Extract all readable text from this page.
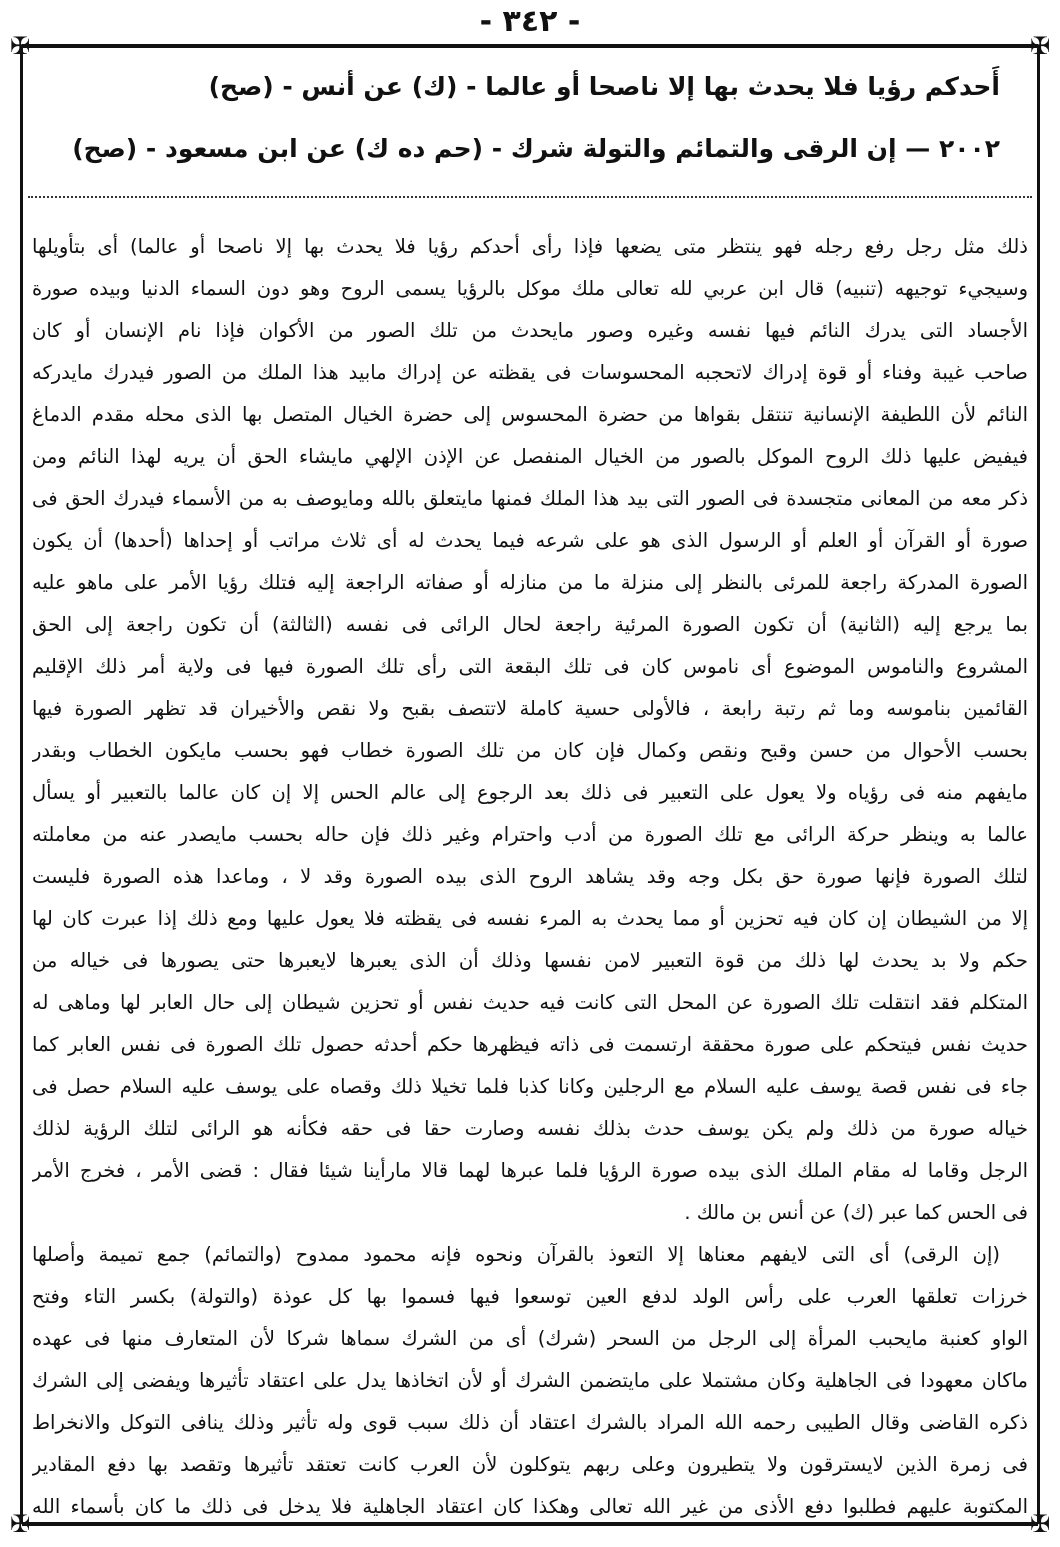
- ٣٤٢ -
✠	✠
✠	✠
أَحدكم رؤيا فلا يحدث بها إلا ناصحا أو عالما - (ك) عن أنس - (صح)
٢٠٠٢ — إن الرقى والتمائم والتولة شرك - (حم ده ك) عن ابن مسعود - (صح)
ذلك مثل رجل رفع رجله فهو ينتظر متى يضعها فإذا رأى أحدكم رؤيا فلا يحدث بها إلا ناصحا أو عالما) أى بتأويلها
وسيجيء توجيهه (تنبيه) قال ابن عربي لله تعالى ملك موكل بالرؤيا يسمى الروح وهو دون السماء الدنيا وبيده صورة
الأجساد التى يدرك النائم فيها نفسه وغيره وصور مايحدث من تلك الصور من الأكوان فإذا نام الإنسان أو كان
صاحب غيبة وفناء أو قوة إدراك لاتحجبه المحسوسات فى يقظته عن إدراك مابيد هذا الملك من الصور فيدرك مايدركه
النائم لأن اللطيفة الإنسانية تنتقل بقواها من حضرة المحسوس إلى حضرة الخيال المتصل بها الذى محله مقدم الدماغ
فيفيض عليها ذلك الروح الموكل بالصور من الخيال المنفصل عن الإذن الإلهي مايشاء الحق أن يريه لهذا النائم ومن
ذكر معه من المعانى متجسدة فى الصور التى بيد هذا الملك فمنها مايتعلق بالله ومايوصف به من الأسماء فيدرك الحق فى
صورة أو القرآن أو العلم أو الرسول الذى هو على شرعه فيما يحدث له أى ثلاث مراتب أو إحداها (أحدها) أن يكون
الصورة المدركة راجعة للمرئى بالنظر إلى منزلة ما من منازله أو صفاته الراجعة إليه فتلك رؤيا الأمر على ماهو عليه
بما يرجع إليه (الثانية) أن تكون الصورة المرئية راجعة لحال الرائى فى نفسه (الثالثة) أن تكون راجعة إلى الحق
المشروع والناموس الموضوع أى ناموس كان فى تلك البقعة التى رأى تلك الصورة فيها فى ولاية أمر ذلك الإقليم
القائمين بناموسه وما ثم رتبة رابعة ، فالأولى حسية كاملة لاتتصف بقبح ولا نقص والأخيران قد تظهر الصورة فيها
بحسب الأحوال من حسن وقبح ونقص وكمال فإن كان من تلك الصورة خطاب فهو بحسب مايكون الخطاب وبقدر
مايفهم منه فى رؤياه ولا يعول على التعبير فى ذلك بعد الرجوع إلى عالم الحس إلا إن كان عالما بالتعبير أو يسأل
عالما به وينظر حركة الرائى مع تلك الصورة من أدب واحترام وغير ذلك فإن حاله بحسب مايصدر عنه من معاملته
لتلك الصورة فإنها صورة حق بكل وجه وقد يشاهد الروح الذى بيده الصورة وقد لا ، وماعدا هذه الصورة فليست
إلا من الشيطان إن كان فيه تحزين أو مما يحدث به المرء نفسه فى يقظته فلا يعول عليها ومع ذلك إذا عبرت كان لها
حكم ولا بد يحدث لها ذلك من قوة التعبير لامن نفسها وذلك أن الذى يعبرها لايعبرها حتى يصورها فى خياله من
المتكلم فقد انتقلت تلك الصورة عن المحل التى كانت فيه حديث نفس أو تحزين شيطان إلى حال العابر لها وماهى له
حديث نفس فيتحكم على صورة محققة ارتسمت فى ذاته فيظهرها حكم أحدثه حصول تلك الصورة فى نفس العابر كما
جاء فى نفس قصة يوسف عليه السلام مع الرجلين وكانا كذبا فلما تخيلا ذلك وقصاه على يوسف عليه السلام حصل فى
خياله صورة من ذلك ولم يكن يوسف حدث بذلك نفسه وصارت حقا فى حقه فكأنه هو الرائى لتلك الرؤية لذلك
الرجل وقاما له مقام الملك الذى بيده صورة الرؤيا فلما عبرها لهما قالا مارأينا شيئا فقال : قضى الأمر ، فخرج الأمر
فى الحس كما عبر (ك) عن أنس بن مالك .
(إن الرقى) أى التى لايفهم معناها إلا التعوذ بالقرآن ونحوه فإنه محمود ممدوح (والتمائم) جمع تميمة وأصلها
خرزات تعلقها العرب على رأس الولد لدفع العين توسعوا فيها فسموا بها كل عوذة (والتولة) بكسر التاء وفتح
الواو كعنبة مايحبب المرأة إلى الرجل من السحر (شرك) أى من الشرك سماها شركا لأن المتعارف منها فى عهده
ماكان معهودا فى الجاهلية وكان مشتملا على مايتضمن الشرك أو لأن اتخاذها يدل على اعتقاد تأثيرها ويفضى إلى الشرك
ذكره القاضى وقال الطيبى رحمه الله المراد بالشرك اعتقاد أن ذلك سبب قوى وله تأثير وذلك ينافى التوكل والانخراط
فى زمرة الذين لايسترقون ولا يتطيرون وعلى ربهم يتوكلون لأن العرب كانت تعتقد تأثيرها وتقصد بها دفع المقادير
المكتوبة عليهم فطلبوا دفع الأذى من غير الله تعالى وهكذا كان اعتقاد الجاهلية فلا يدخل فى ذلك ما كان بأسماء الله
